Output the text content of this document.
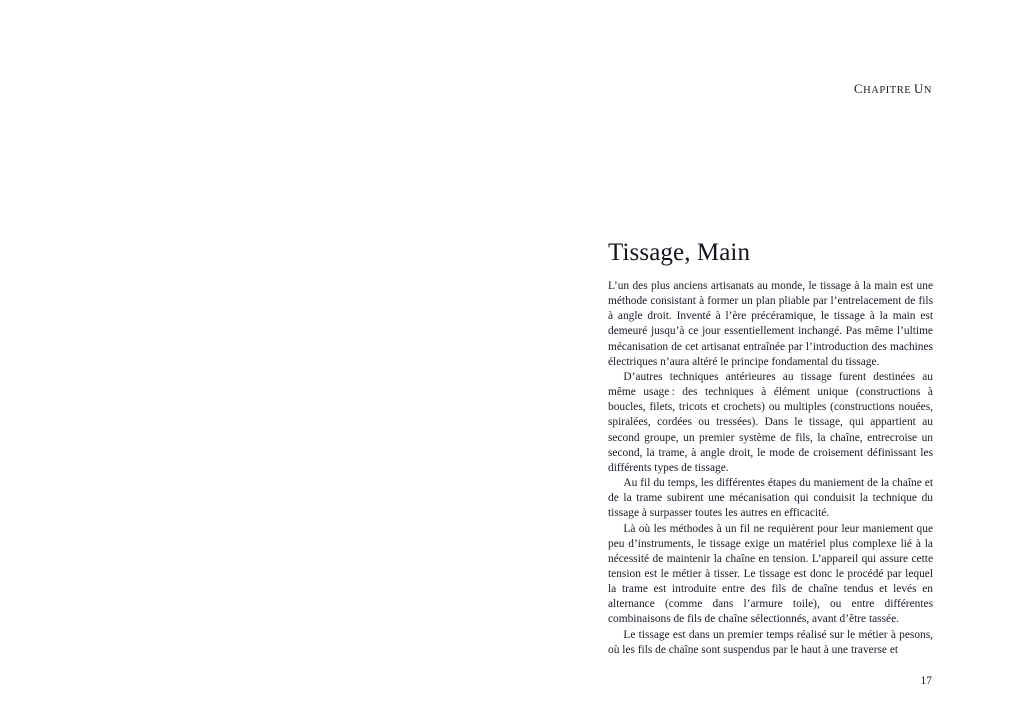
CHAPITRE  UN
Tissage, Main

L’un des plus anciens artisanats au monde, le tissage à la main est une méthode consistant à former un plan pliable par l’entrelacement de fils à angle droit. Inventé à l’ère précéramique, le tissage à la main est demeuré jusqu’à ce jour essentiellement inchangé. Pas même l’ultime mécanisation de cet artisanat entraînée par l’introduction des machines électriques n’aura altéré le principe fondamental du tissage.

D’autres techniques antérieures au tissage furent destinées au même usage : des techniques à élément unique (constructions à boucles, filets, tricots et crochets) ou multiples (constructions nouées, spiralées, cordées ou tressées). Dans le tissage, qui appartient au second groupe, un premier système de fils, la chaîne, entrecroise un second, la trame, à angle droit, le mode de croisement définissant les différents types de tissage.

Au fil du temps, les différentes étapes du maniement de la chaîne et de la trame subirent une mécanisation qui conduisit la technique du tissage à surpasser toutes les autres en efficacité.

Là où les méthodes à un fil ne requièrent pour leur maniement que peu d’instruments, le tissage exige un matériel plus complexe lié à la nécessité de maintenir la chaîne en tension. L’appareil qui assure cette tension est le métier à tisser. Le tissage est donc le procédé par lequel la trame est introduite entre des fils de chaîne tendus et levés en alternance (comme dans l’armure toile), ou entre différentes combinaisons de fils de chaîne sélectionnés, avant d’être tassée.

Le tissage est dans un premier temps réalisé sur le métier à pesons, où les fils de chaîne sont suspendus par le haut à une traverse et

17
